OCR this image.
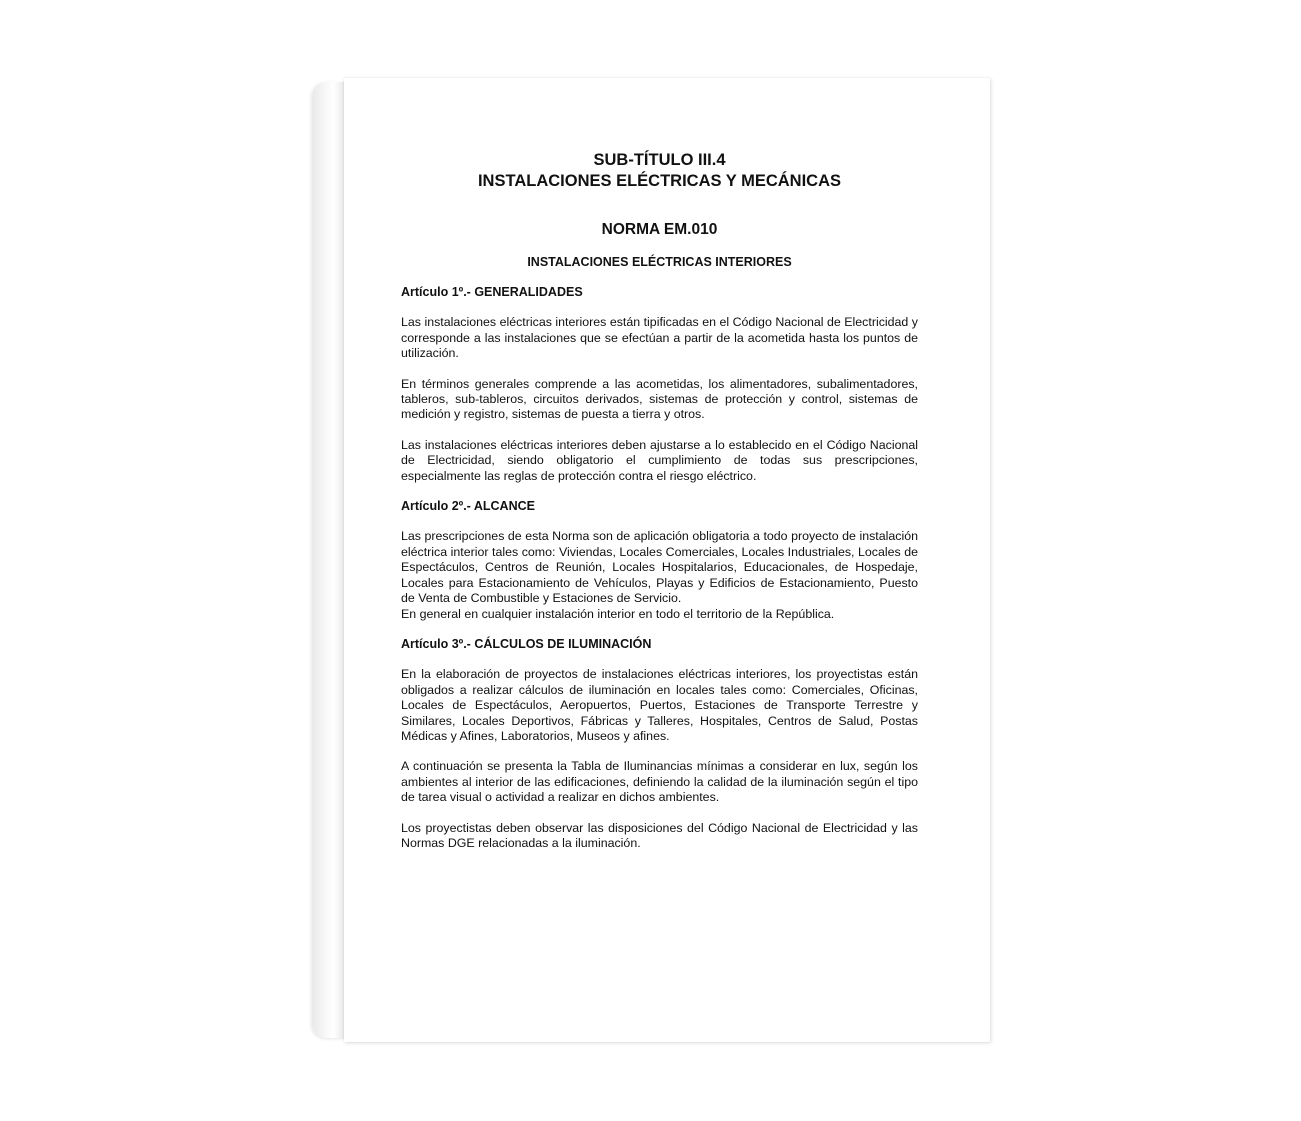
SUB-TÍTULO III.4
INSTALACIONES ELÉCTRICAS Y MECÁNICAS

NORMA EM.010

INSTALACIONES ELÉCTRICAS INTERIORES

Artículo 1º.- GENERALIDADES

Las instalaciones eléctricas interiores están tipificadas en el Código Nacional de Electricidad y corresponde a las instalaciones que se efectúan a partir de la acometida hasta los puntos de utilización.

En términos generales comprende a las acometidas, los alimentadores, subalimentadores, tableros, sub-tableros, circuitos derivados, sistemas de protección y control, sistemas de medición y registro, sistemas de puesta a tierra y otros.

Las instalaciones eléctricas interiores deben ajustarse a lo establecido en el Código Nacional de Electricidad, siendo obligatorio el cumplimiento de todas sus prescripciones, especialmente las reglas de protección contra el riesgo eléctrico.

Artículo 2º.- ALCANCE

Las prescripciones de esta Norma son de aplicación obligatoria a todo proyecto de instalación eléctrica interior tales como: Viviendas, Locales Comerciales, Locales Industriales, Locales de Espectáculos, Centros de Reunión, Locales Hospitalarios, Educacionales, de Hospedaje, Locales para Estacionamiento de Vehículos, Playas y Edificios de Estacionamiento, Puesto de Venta de Combustible y Estaciones de Servicio.

En general en cualquier instalación interior en todo el territorio de la República.

Artículo 3º.- CÁLCULOS DE ILUMINACIÓN

En la elaboración de proyectos de instalaciones eléctricas interiores, los proyectistas están obligados a realizar cálculos de iluminación en locales tales como: Comerciales, Oficinas, Locales de Espectáculos, Aeropuertos, Puertos, Estaciones de Transporte Terrestre y Similares, Locales Deportivos, Fábricas y Talleres, Hospitales, Centros de Salud, Postas Médicas y Afines, Laboratorios, Museos y afines.

A continuación se presenta la Tabla de Iluminancias mínimas a considerar en lux, según los ambientes al interior de las edificaciones, definiendo la calidad de la iluminación según el tipo de tarea visual o actividad a realizar en dichos ambientes.

Los proyectistas deben observar las disposiciones del Código Nacional de Electricidad y las Normas DGE relacionadas a la iluminación.
